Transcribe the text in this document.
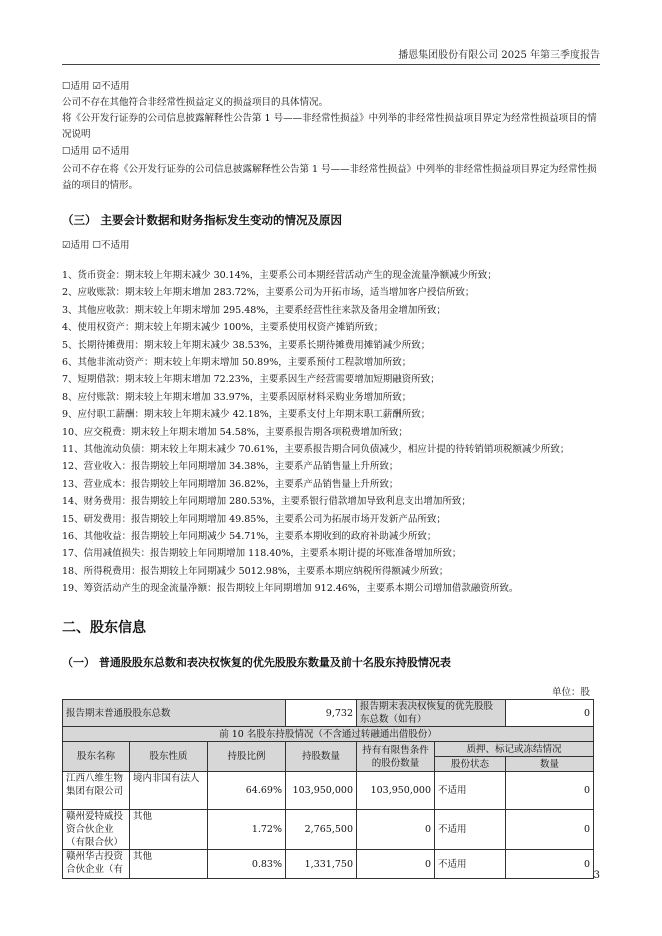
播恩集团股份有限公司 2025 年第三季度报告
☐适用 ☑不适用
公司不存在其他符合非经常性损益定义的损益项目的具体情况。
将《公开发行证券的公司信息披露解释性公告第 1 号——非经常性损益》中列举的非经常性损益项目界定为经常性损益项目的情况说明
☐适用 ☑不适用
公司不存在将《公开发行证券的公司信息披露解释性公告第 1 号——非经常性损益》中列举的非经常性损益项目界定为经常性损益的项目的情形。
（三） 主要会计数据和财务指标发生变动的情况及原因
☑适用 ☐不适用
1、货币资金：期末较上年期末减少 30.14%，主要系公司本期经营活动产生的现金流量净额减少所致；
2、应收账款：期末较上年期末增加 283.72%，主要系公司为开拓市场，适当增加客户授信所致；
3、其他应收款：期末较上年期末增加 295.48%，主要系经营性往来款及备用金增加所致；
4、使用权资产：期末较上年期末减少 100%，主要系使用权资产摊销所致；
5、长期待摊费用：期末较上年期末减少 38.53%，主要系长期待摊费用摊销减少所致；
6、其他非流动资产：期末较上年期末增加 50.89%，主要系预付工程款增加所致；
7、短期借款：期末较上年期末增加 72.23%，主要系因生产经营需要增加短期融资所致；
8、应付账款：期末较上年期末增加 33.97%，主要系因原材料采购业务增加所致；
9、应付职工薪酬：期末较上年期末减少 42.18%，主要系支付上年期末职工薪酬所致；
10、应交税费：期末较上年期末增加 54.58%，主要系报告期各项税费增加所致；
11、其他流动负债：期末较上年期末减少 70.61%，主要系报告期合同负债减少，相应计提的待转销销项税额减少所致；
12、营业收入：报告期较上年同期增加 34.38%，主要系产品销售量上升所致；
13、营业成本：报告期较上年同期增加 36.82%，主要系产品销售量上升所致；
14、财务费用：报告期较上年同期增加 280.53%，主要系银行借款增加导致利息支出增加所致；
15、研发费用：报告期较上年同期增加 49.85%，主要系公司为拓展市场开发新产品所致；
16、其他收益：报告期较上年同期减少 54.71%，主要系本期收到的政府补助减少所致；
17、信用减值损失：报告期较上年同期增加 118.40%，主要系本期计提的坏账准备增加所致；
18、所得税费用：报告期较上年同期减少 5012.98%，主要系本期应纳税所得额减少所致；
19、筹资活动产生的现金流量净额：报告期较上年同期增加 912.46%，主要系本期公司增加借款融资所致。
二、股东信息
（一） 普通股股东总数和表决权恢复的优先股股东数量及前十名股东持股情况表
单位：股
报告期末普通股股东总数			9,732	报告期末表决权恢复的优先股股东总数（如有）		0
前 10 名股东持股情况（不含通过转融通出借股份）						
股东名称	股东性质	持股比例	持股数量	持有有限售条件的股份数量	质押、标记或冻结情况	
					股份状态	数量
江西八维生物集团有限公司	境内非国有法人	64.69%	103,950,000	103,950,000	不适用	0
赣州爱特威投资合伙企业（有限合伙）	其他	1.72%	2,765,500	0	不适用	0
赣州华古投资合伙企业（有	其他	0.83%	1,331,750	0	不适用	0
3
